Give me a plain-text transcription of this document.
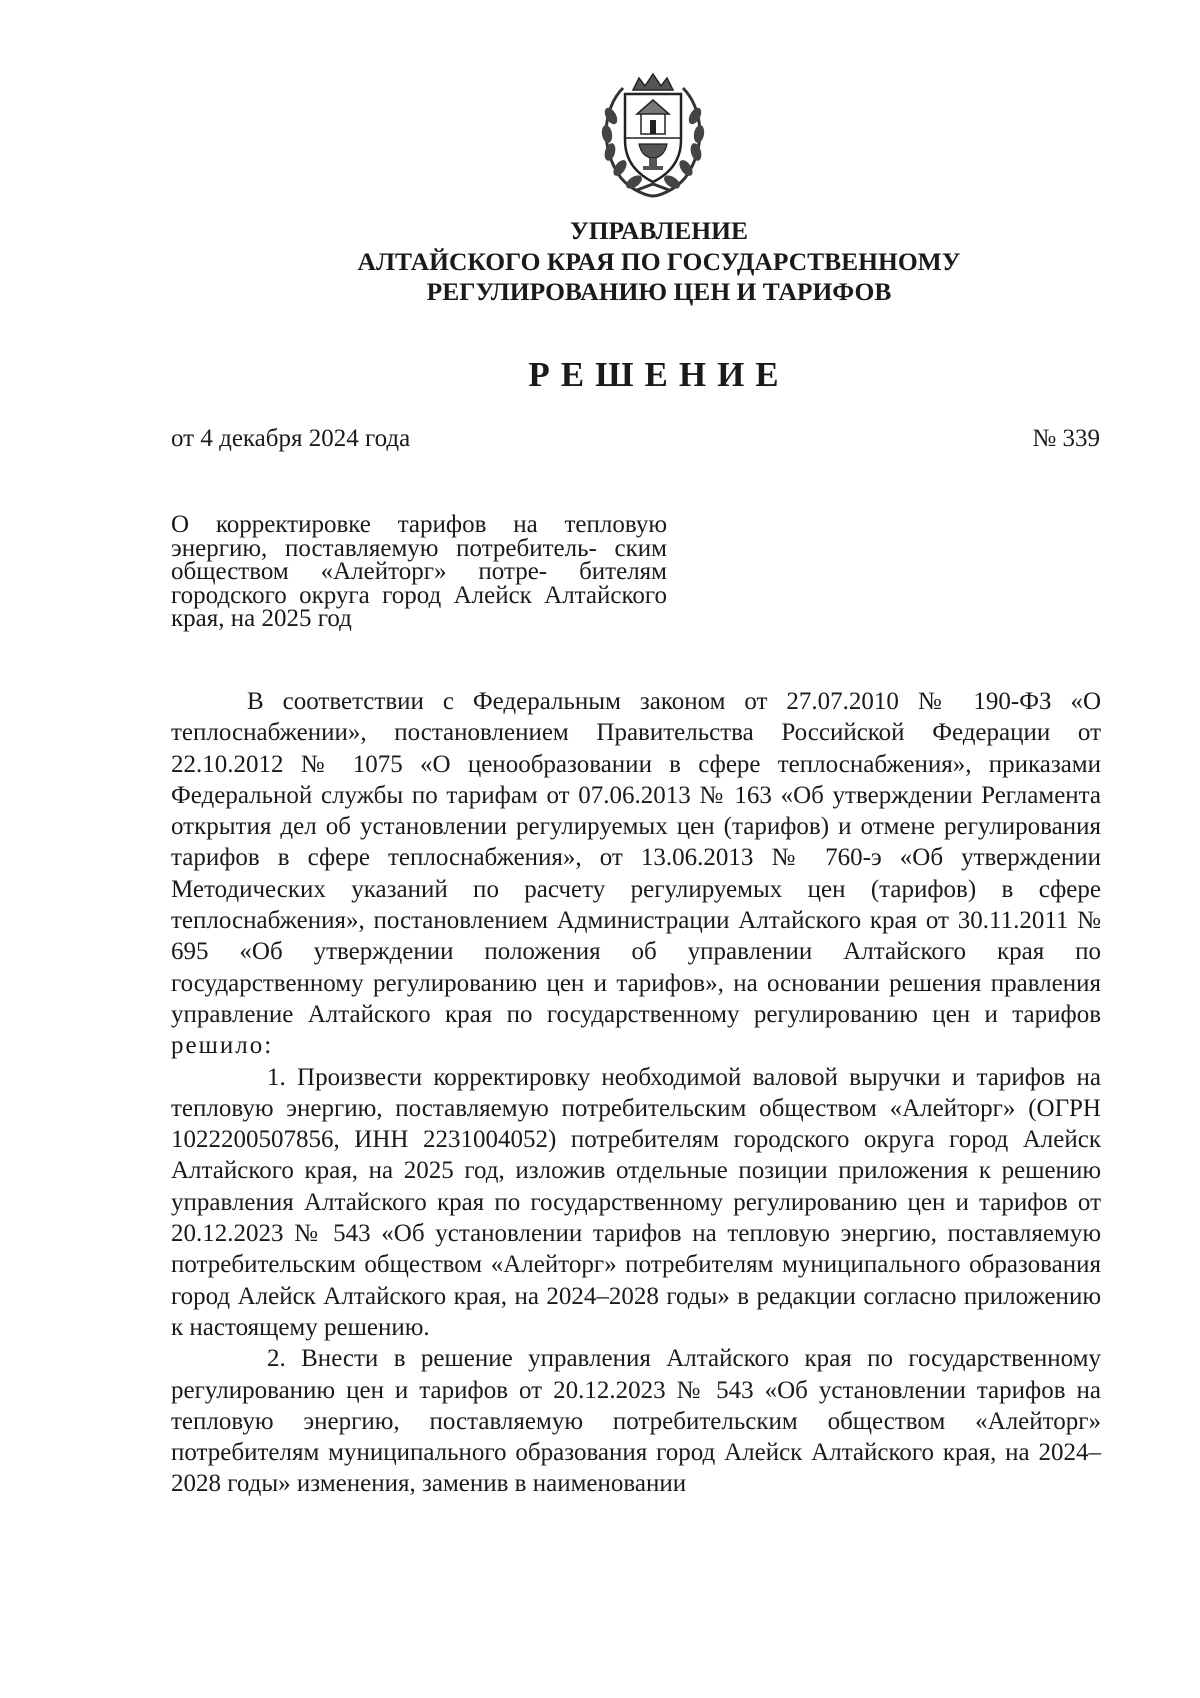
УПРАВЛЕНИЕ
АЛТАЙСКОГО КРАЯ ПО ГОСУДАРСТВЕННОМУ
РЕГУЛИРОВАНИЮ ЦЕН И ТАРИФОВ
РЕШЕНИЕ
от 4 декабря 2024 года	№ 339
О корректировке тарифов на тепловую энергию, поставляемую потребитель- ским обществом «Алейторг» потре- бителям городского округа город Алейск Алтайского края, на 2025 год

В соответствии с Федеральным законом от 27.07.2010 № 190-ФЗ «О теплоснабжении», постановлением Правительства Российской Федерации от 22.10.2012 № 1075 «О ценообразовании в сфере теплоснабжения», приказами Федеральной службы по тарифам от 07.06.2013 № 163 «Об утверждении Регламента открытия дел об установлении регулируемых цен (тарифов) и отмене регулирования тарифов в сфере теплоснабжения», от 13.06.2013 № 760-э «Об утверждении Методических указаний по расчету регулируемых цен (тарифов) в сфере теплоснабжения», постановлением Администрации Алтайского края от 30.11.2011 № 695 «Об утверждении положения об управлении Алтайского края по государственному регулированию цен и тарифов», на основании решения правления управление Алтайского края по государственному регулированию цен и тарифов решило:

1. Произвести корректировку необходимой валовой выручки и тарифов на тепловую энергию, поставляемую потребительским обществом «Алейторг» (ОГРН 1022200507856, ИНН 2231004052) потребителям городского округа город Алейск Алтайского края, на 2025 год, изложив отдельные позиции приложения к решению управления Алтайского края по государственному регулированию цен и тарифов от 20.12.2023 № 543 «Об установлении тарифов на тепловую энергию, поставляемую потребительским обществом «Алейторг» потребителям муниципального образования город Алейск Алтайского края, на 2024–2028 годы» в редакции согласно приложению к настоящему решению.

2. Внести в решение управления Алтайского края по государственному регулированию цен и тарифов от 20.12.2023 № 543 «Об установлении тарифов на тепловую энергию, поставляемую потребительским обществом «Алейторг» потребителям муниципального образования город Алейск Алтайского края, на 2024–2028 годы» изменения, заменив в наименовании
